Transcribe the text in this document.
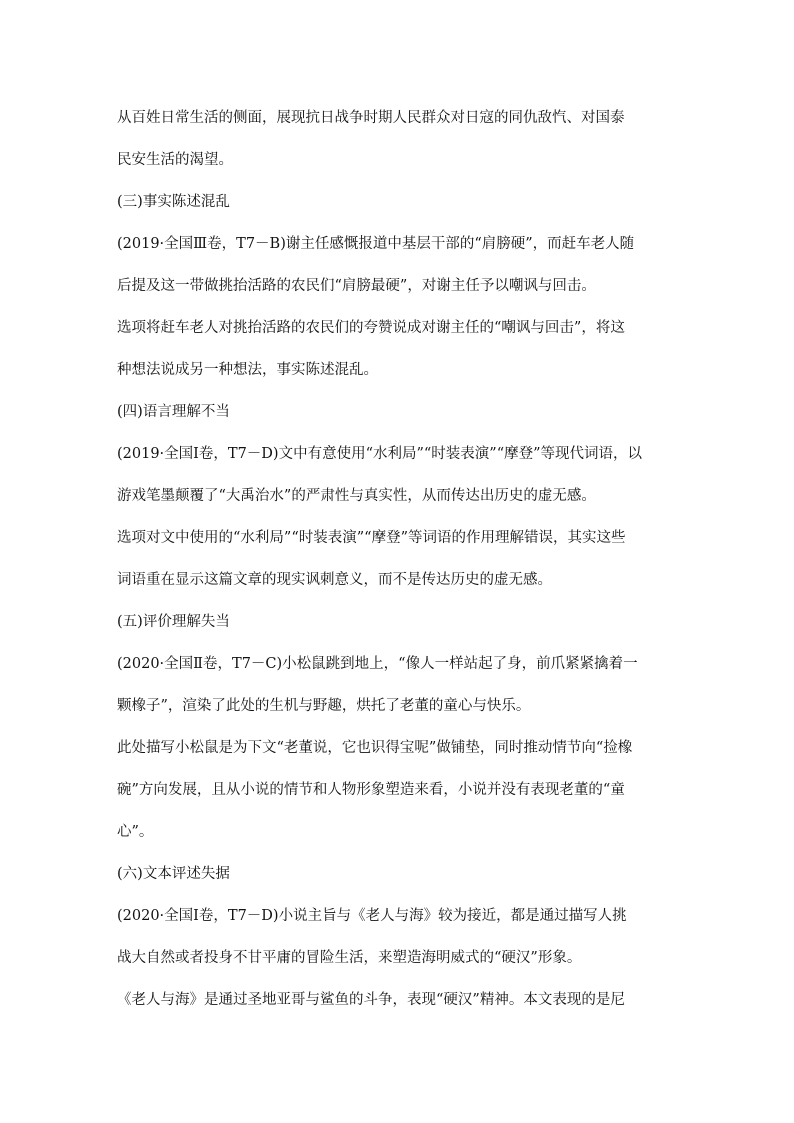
从百姓日常生活的侧面，展现抗日战争时期人民群众对日寇的同仇敌忾、对国泰
民安生活的渴望。
(三)事实陈述混乱
(2019·全国Ⅲ卷，T7－B)谢主任感慨报道中基层干部的“肩膀硬”，而赶车老人随
后提及这一带做挑抬活路的农民们“肩膀最硬”，对谢主任予以嘲讽与回击。
选项将赶车老人对挑抬活路的农民们的夸赞说成对谢主任的“嘲讽与回击”，将这
种想法说成另一种想法，事实陈述混乱。
(四)语言理解不当
(2019·全国Ⅰ卷，T7－D)文中有意使用“水利局”“时装表演”“摩登”等现代词语，以
游戏笔墨颠覆了“大禹治水”的严肃性与真实性，从而传达出历史的虚无感。
选项对文中使用的“水利局”“时装表演”“摩登”等词语的作用理解错误，其实这些
词语重在显示这篇文章的现实讽刺意义，而不是传达历史的虚无感。
(五)评价理解失当
(2020·全国Ⅱ卷，T7－C)小松鼠跳到地上，“像人一样站起了身，前爪紧紧擒着一
颗橡子”，渲染了此处的生机与野趣，烘托了老董的童心与快乐。
此处描写小松鼠是为下文“老董说，它也识得宝呢”做铺垫，同时推动情节向“捡橡
碗”方向发展，且从小说的情节和人物形象塑造来看，小说并没有表现老董的“童
心”。
(六)文本评述失据
(2020·全国Ⅰ卷，T7－D)小说主旨与《老人与海》较为接近，都是通过描写人挑
战大自然或者投身不甘平庸的冒险生活，来塑造海明威式的“硬汉”形象。
《老人与海》是通过圣地亚哥与鲨鱼的斗争，表现“硬汉”精神。本文表现的是尼
